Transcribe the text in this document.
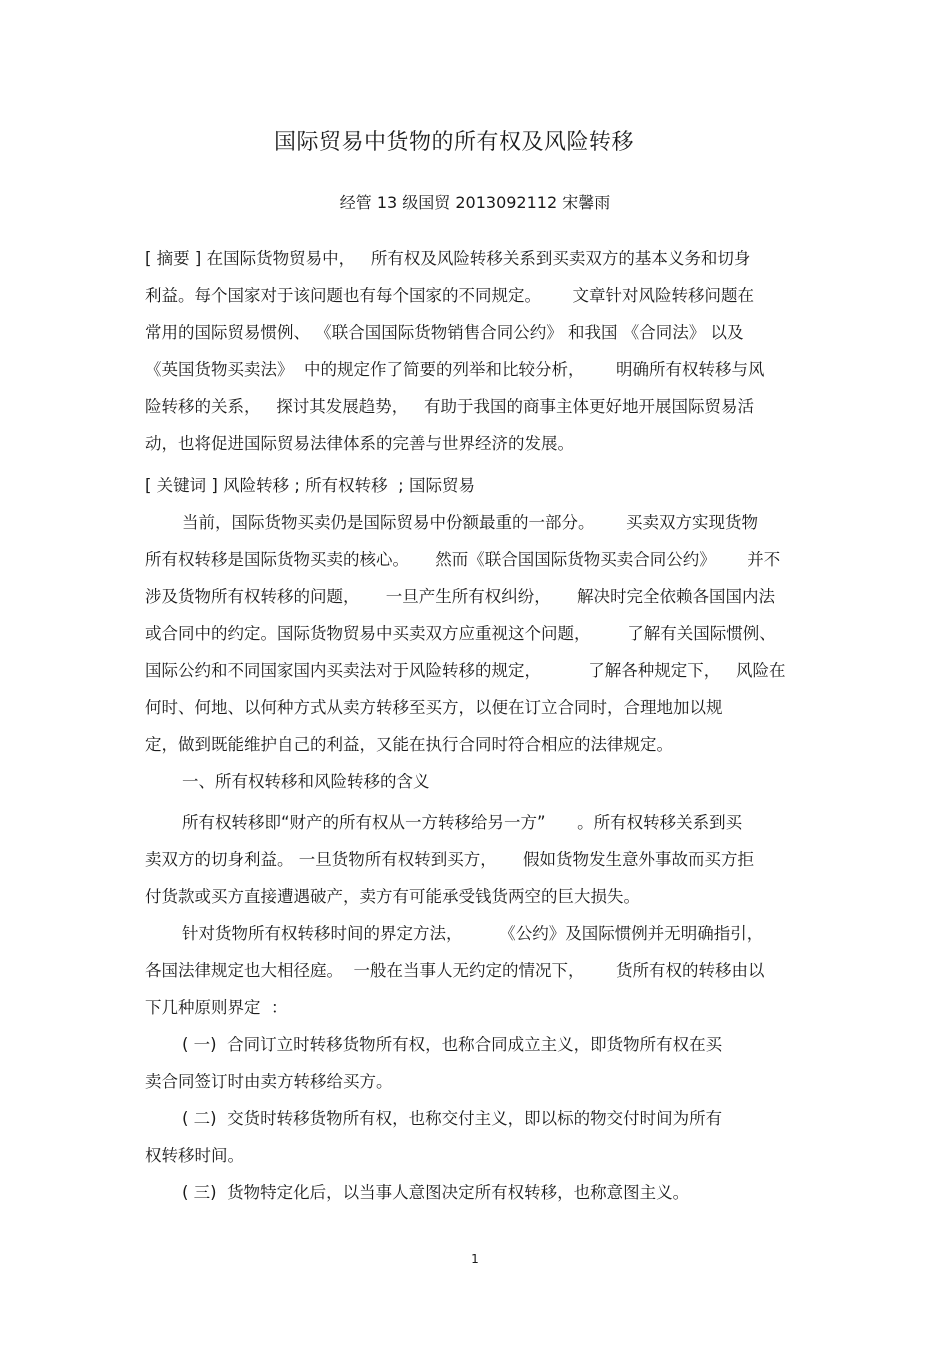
国际贸易中货物的所有权及风险转移
经管 13 级国贸 2013092112 宋馨雨
[ 摘要 ] 在国际货物贸易中，   所有权及风险转移关系到买卖双方的基本义务和切身
利益。每个国家对于该问题也有每个国家的不同规定。      文章针对风险转移问题在
常用的国际贸易惯例、 《联合国国际货物销售合同公约》 和我国 《合同法》 以及
《英国货物买卖法》  中的规定作了简要的列举和比较分析，      明确所有权转移与风
险转移的关系，   探讨其发展趋势，   有助于我国的商事主体更好地开展国际贸易活
动，也将促进国际贸易法律体系的完善与世界经济的发展。
[ 关键词 ] 风险转移 ; 所有权转移  ; 国际贸易
当前，国际货物买卖仍是国际贸易中份额最重的一部分。      买卖双方实现货物
所有权转移是国际货物买卖的核心。     然而《联合国国际货物买卖合同公约》      并不
涉及货物所有权转移的问题，     一旦产生所有权纠纷，     解决时完全依赖各国国内法
或合同中的约定。国际货物贸易中买卖双方应重视这个问题，       了解有关国际惯例、
国际公约和不同国家国内买卖法对于风险转移的规定，         了解各种规定下，   风险在
何时、何地、以何种方式从卖方转移至买方，以便在订立合同时，合理地加以规
定，做到既能维护自己的利益，又能在执行合同时符合相应的法律规定。
一、所有权转移和风险转移的含义
所有权转移即“财产的所有权从一方转移给另一方”      。所有权转移关系到买
卖双方的切身利益。 一旦货物所有权转到买方，     假如货物发生意外事故而买方拒
付货款或买方直接遭遇破产，卖方有可能承受钱货两空的巨大损失。
针对货物所有权转移时间的界定方法，       《公约》及国际惯例并无明确指引，
各国法律规定也大相径庭。  一般在当事人无约定的情况下，      货所有权的转移由以
下几种原则界定  ：
( 一)  合同订立时转移货物所有权，也称合同成立主义，即货物所有权在买
卖合同签订时由卖方转移给买方。
( 二)  交货时转移货物所有权，也称交付主义，即以标的物交付时间为所有
权转移时间。
( 三)  货物特定化后，以当事人意图决定所有权转移，也称意图主义。
1
